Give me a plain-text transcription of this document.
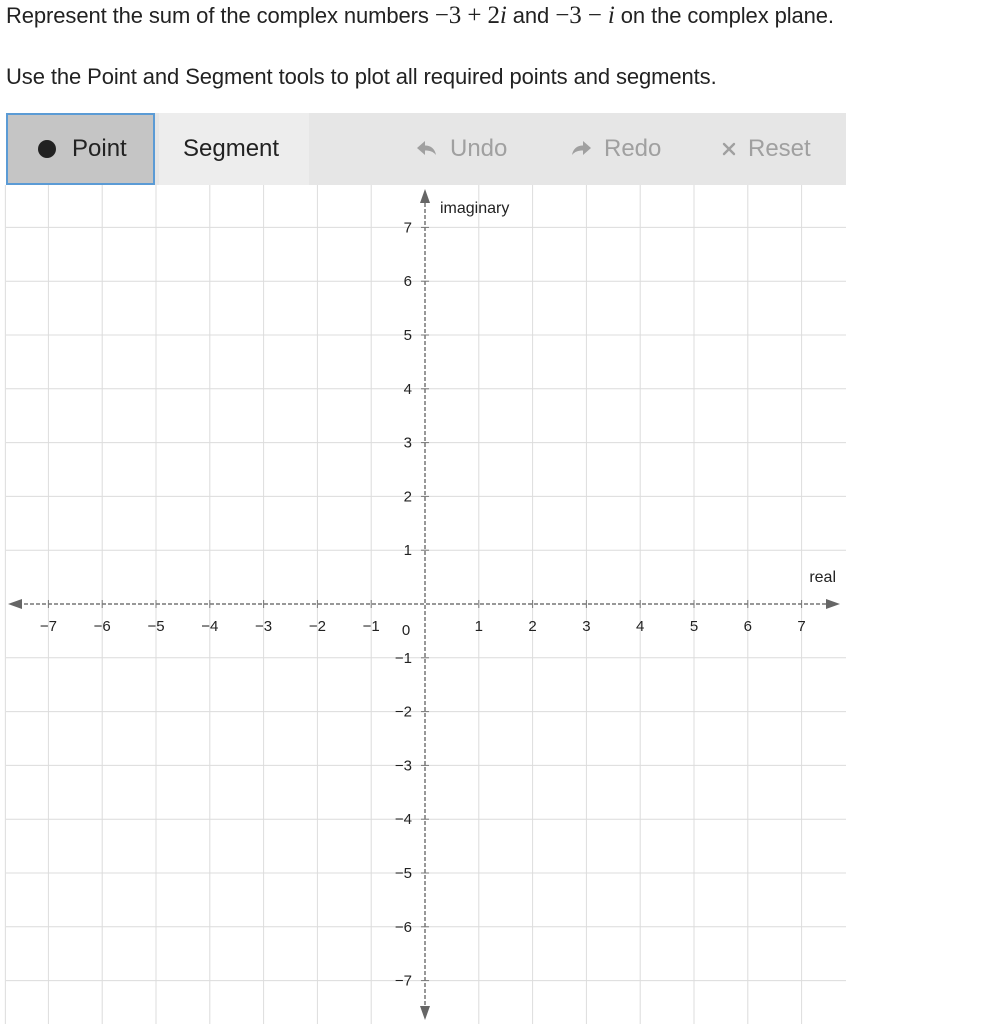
Represent the sum of the complex numbers −3 + 2i and −3 − i on the complex plane.

Use the Point and Segment tools to plot all required points and segments.

Point Segment	Undo	Redo	Reset
−7 −6 −5 −4 −3 −2 −1	1	2	3	4	5	6	7
−7
−6
−5
−4
−3
−2
−1
1
2
3
4
5
6
7
0
real
imaginary
